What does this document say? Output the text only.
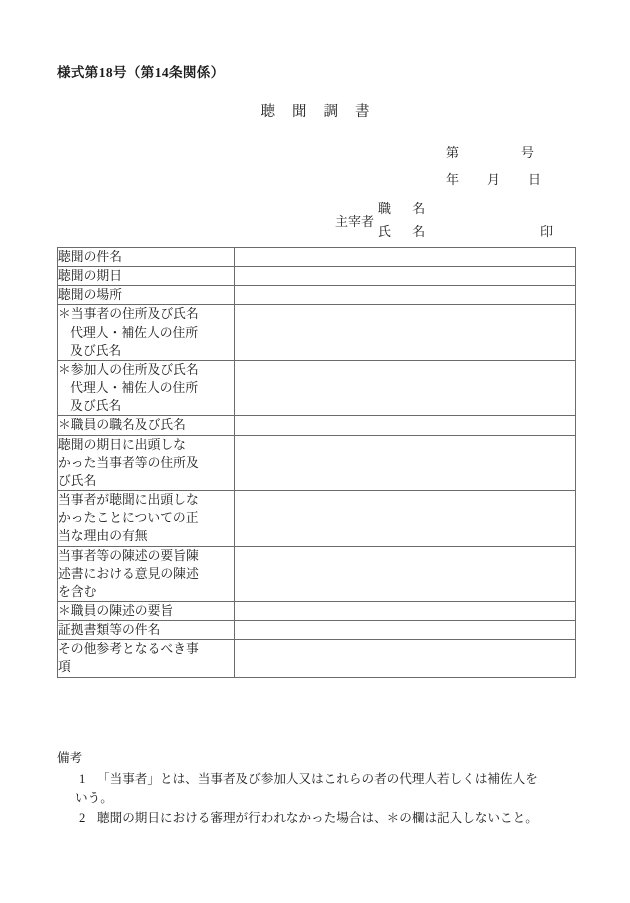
様式第18号（第14条関係）
聴聞調書
第	号
年 月 日
主宰者
職 名
氏 名	印
聴聞の件名	

聴聞の期日	

聴聞の場所	

＊当事者の住所及び氏名
代理人・補佐人の住所
及び氏名	

＊参加人の住所及び氏名
代理人・補佐人の住所
及び氏名	

＊職員の職名及び氏名	

聴聞の期日に出頭しな
かった当事者等の住所及
び氏名	

当事者が聴聞に出頭しな
かったことについての正
当な理由の有無	

当事者等の陳述の要旨陳
述書における意見の陳述
を含む	

＊職員の陳述の要旨	

証拠書類等の件名	

その他参考となるべき事
項	

備考
1 「当事者」とは、当事者及び参加人又はこれらの者の代理人若しくは補佐人を
いう。
2 聴聞の期日における審理が行われなかった場合は、＊の欄は記入しないこと。
